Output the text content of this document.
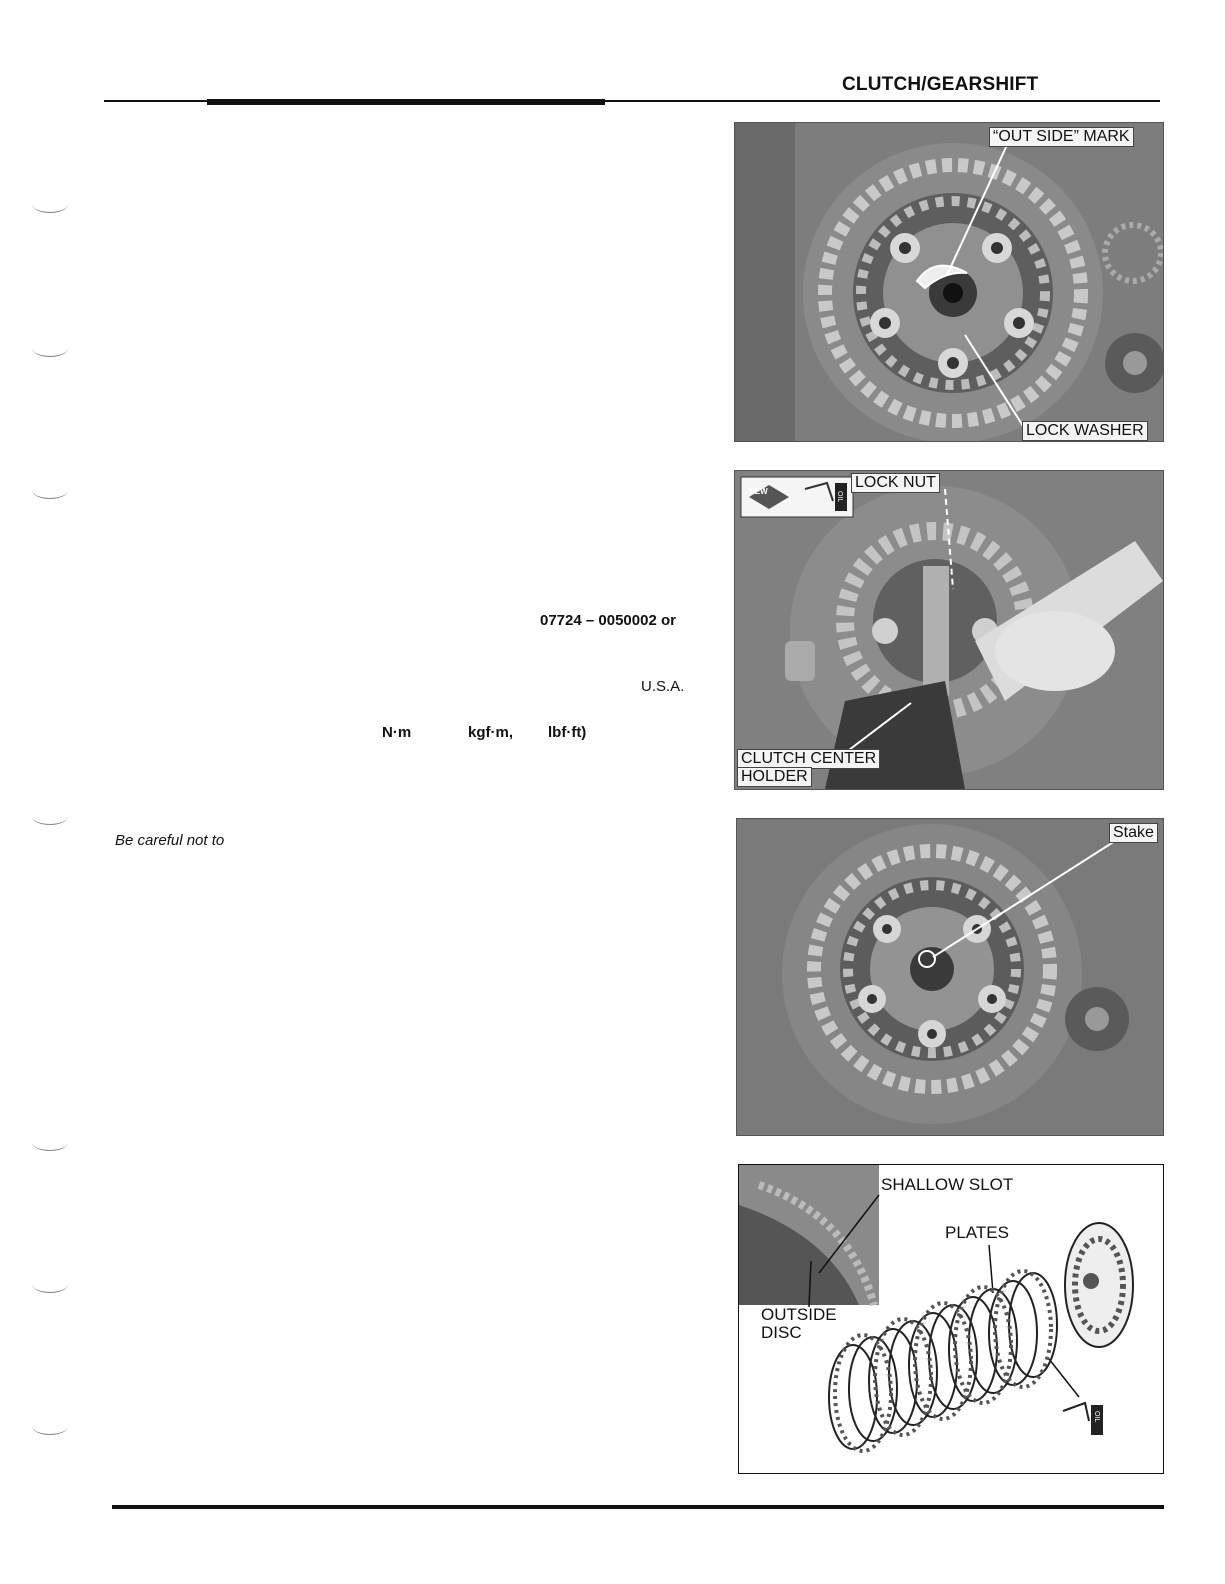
CLUTCH/GEARSHIFT
07724 – 0050002 or
U.S.A.
N·m	kgf·m, lbf·ft)
Be careful not to
“OUT SIDE” MARK
LOCK WASHER
NEW	OIL
LOCK NUT
CLUTCH CENTER
HOLDER
Stake
OIL
SHALLOW SLOT
PLATES
OUTSIDE
DISC
